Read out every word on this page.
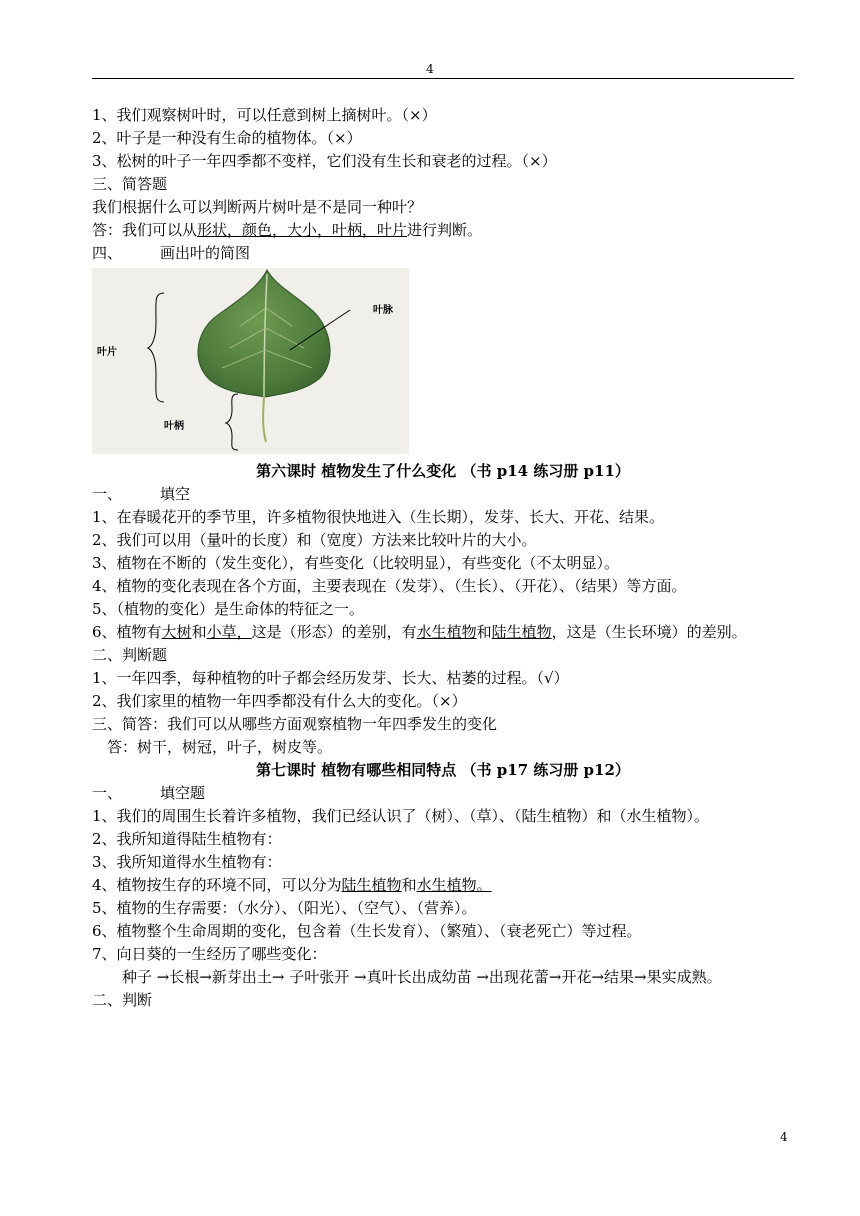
4
1、我们观察树叶时，可以任意到树上摘树叶。（×）
2、叶子是一种没有生命的植物体。（×）
3、松树的叶子一年四季都不变样，它们没有生长和衰老的过程。（×）
三、简答题
我们根据什么可以判断两片树叶是不是同一种叶？
答：我们可以从形状，颜色，大小，叶柄，叶片进行判断。
四、	画出叶的简图
叶脉
叶片
叶柄
第六课时 植物发生了什么变化 （书 p14 练习册 p11）
一、	填空
1、在春暖花开的季节里，许多植物很快地进入（生长期），发芽、长大、开花、结果。
2、我们可以用（量叶的长度）和（宽度）方法来比较叶片的大小。
3、植物在不断的（发生变化），有些变化（比较明显），有些变化（不太明显）。
4、植物的变化表现在各个方面，主要表现在（发芽）、（生长）、（开花）、（结果）等方面。
5、（植物的变化）是生命体的特征之一。
6、植物有大树和小草，这是（形态）的差别，有水生植物和陆生植物，这是（生长环境）的差别。
二、判断题
1、一年四季，每种植物的叶子都会经历发芽、长大、枯萎的过程。（√）
2、我们家里的植物一年四季都没有什么大的变化。（×）
三、简答：我们可以从哪些方面观察植物一年四季发生的变化
答：树干，树冠，叶子，树皮等。
第七课时 植物有哪些相同特点 （书 p17 练习册 p12）
一、	填空题
1、我们的周围生长着许多植物，我们已经认识了（树）、（草）、（陆生植物）和（水生植物）。
2、我所知道得陆生植物有：
3、我所知道得水生植物有：
4、植物按生存的环境不同，可以分为陆生植物和水生植物。
5、植物的生存需要：（水分）、（阳光）、（空气）、（营养）。
6、植物整个生命周期的变化，包含着（生长发育）、（繁殖）、（衰老死亡）等过程。
7、向日葵的一生经历了哪些变化：
种子 →长根→新芽出土→ 子叶张开 →真叶长出成幼苗 →出现花蕾→开花→结果→果实成熟。
二、判断
4
